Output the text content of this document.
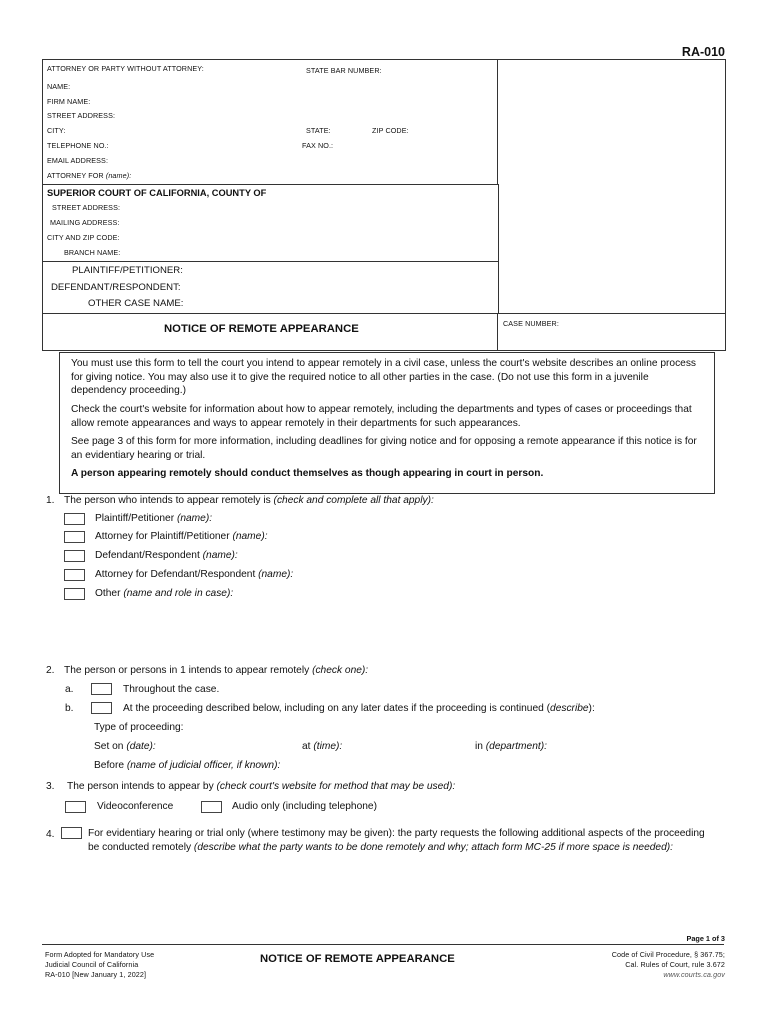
RA-010
ATTORNEY OR PARTY WITHOUT ATTORNEY:	STATE BAR NUMBER:
NAME:
FIRM NAME:
STREET ADDRESS:
CITY:	STATE:	ZIP CODE:
TELEPHONE NO.:	FAX NO.:
EMAIL ADDRESS:
ATTORNEY FOR (name):
SUPERIOR COURT OF CALIFORNIA, COUNTY OF
STREET ADDRESS:
MAILING ADDRESS:
CITY AND ZIP CODE:
BRANCH NAME:
PLAINTIFF/PETITIONER:
DEFENDANT/RESPONDENT:
OTHER CASE NAME:
NOTICE OF REMOTE APPEARANCE	CASE NUMBER:
You must use this form to tell the court you intend to appear remotely in a civil case, unless the court's website describes an online process for giving notice. You may also use it to give the required notice to all other parties in the case. (Do not use this form in a juvenile dependency proceeding.)
Check the court's website for information about how to appear remotely, including the departments and types of cases or proceedings that allow remote appearances and ways to appear remotely in their departments for such appearances.
See page 3 of this form for more information, including deadlines for giving notice and for opposing a remote appearance if this notice is for an evidentiary hearing or trial.
A person appearing remotely should conduct themselves as though appearing in court in person.
1. The person who intends to appear remotely is (check and complete all that apply):
Plaintiff/Petitioner (name):
Attorney for Plaintiff/Petitioner (name):
Defendant/Respondent (name):
Attorney for Defendant/Respondent (name):
Other (name and role in case):
2. The person or persons in 1 intends to appear remotely (check one):
a.	Throughout the case.
b.	At the proceeding described below, including on any later dates if the proceeding is continued (describe):
Type of proceeding:
Set on (date):	at (time):	in (department):
Before (name of judicial officer, if known):
3. The person intends to appear by (check court's website for method that may be used):
Videoconference	Audio only (including telephone)
4.	For evidentiary hearing or trial only (where testimony may be given): the party requests the following additional aspects of the proceeding be conducted remotely (describe what the party wants to be done remotely and why; attach form MC-25 if more space is needed):
Page 1 of 3
Form Adopted for Mandatory Use
Judicial Council of California
RA-010 [New January 1, 2022]
NOTICE OF REMOTE APPEARANCE	Code of Civil Procedure, § 367.75;
Cal. Rules of Court, rule 3.672
www.courts.ca.gov
